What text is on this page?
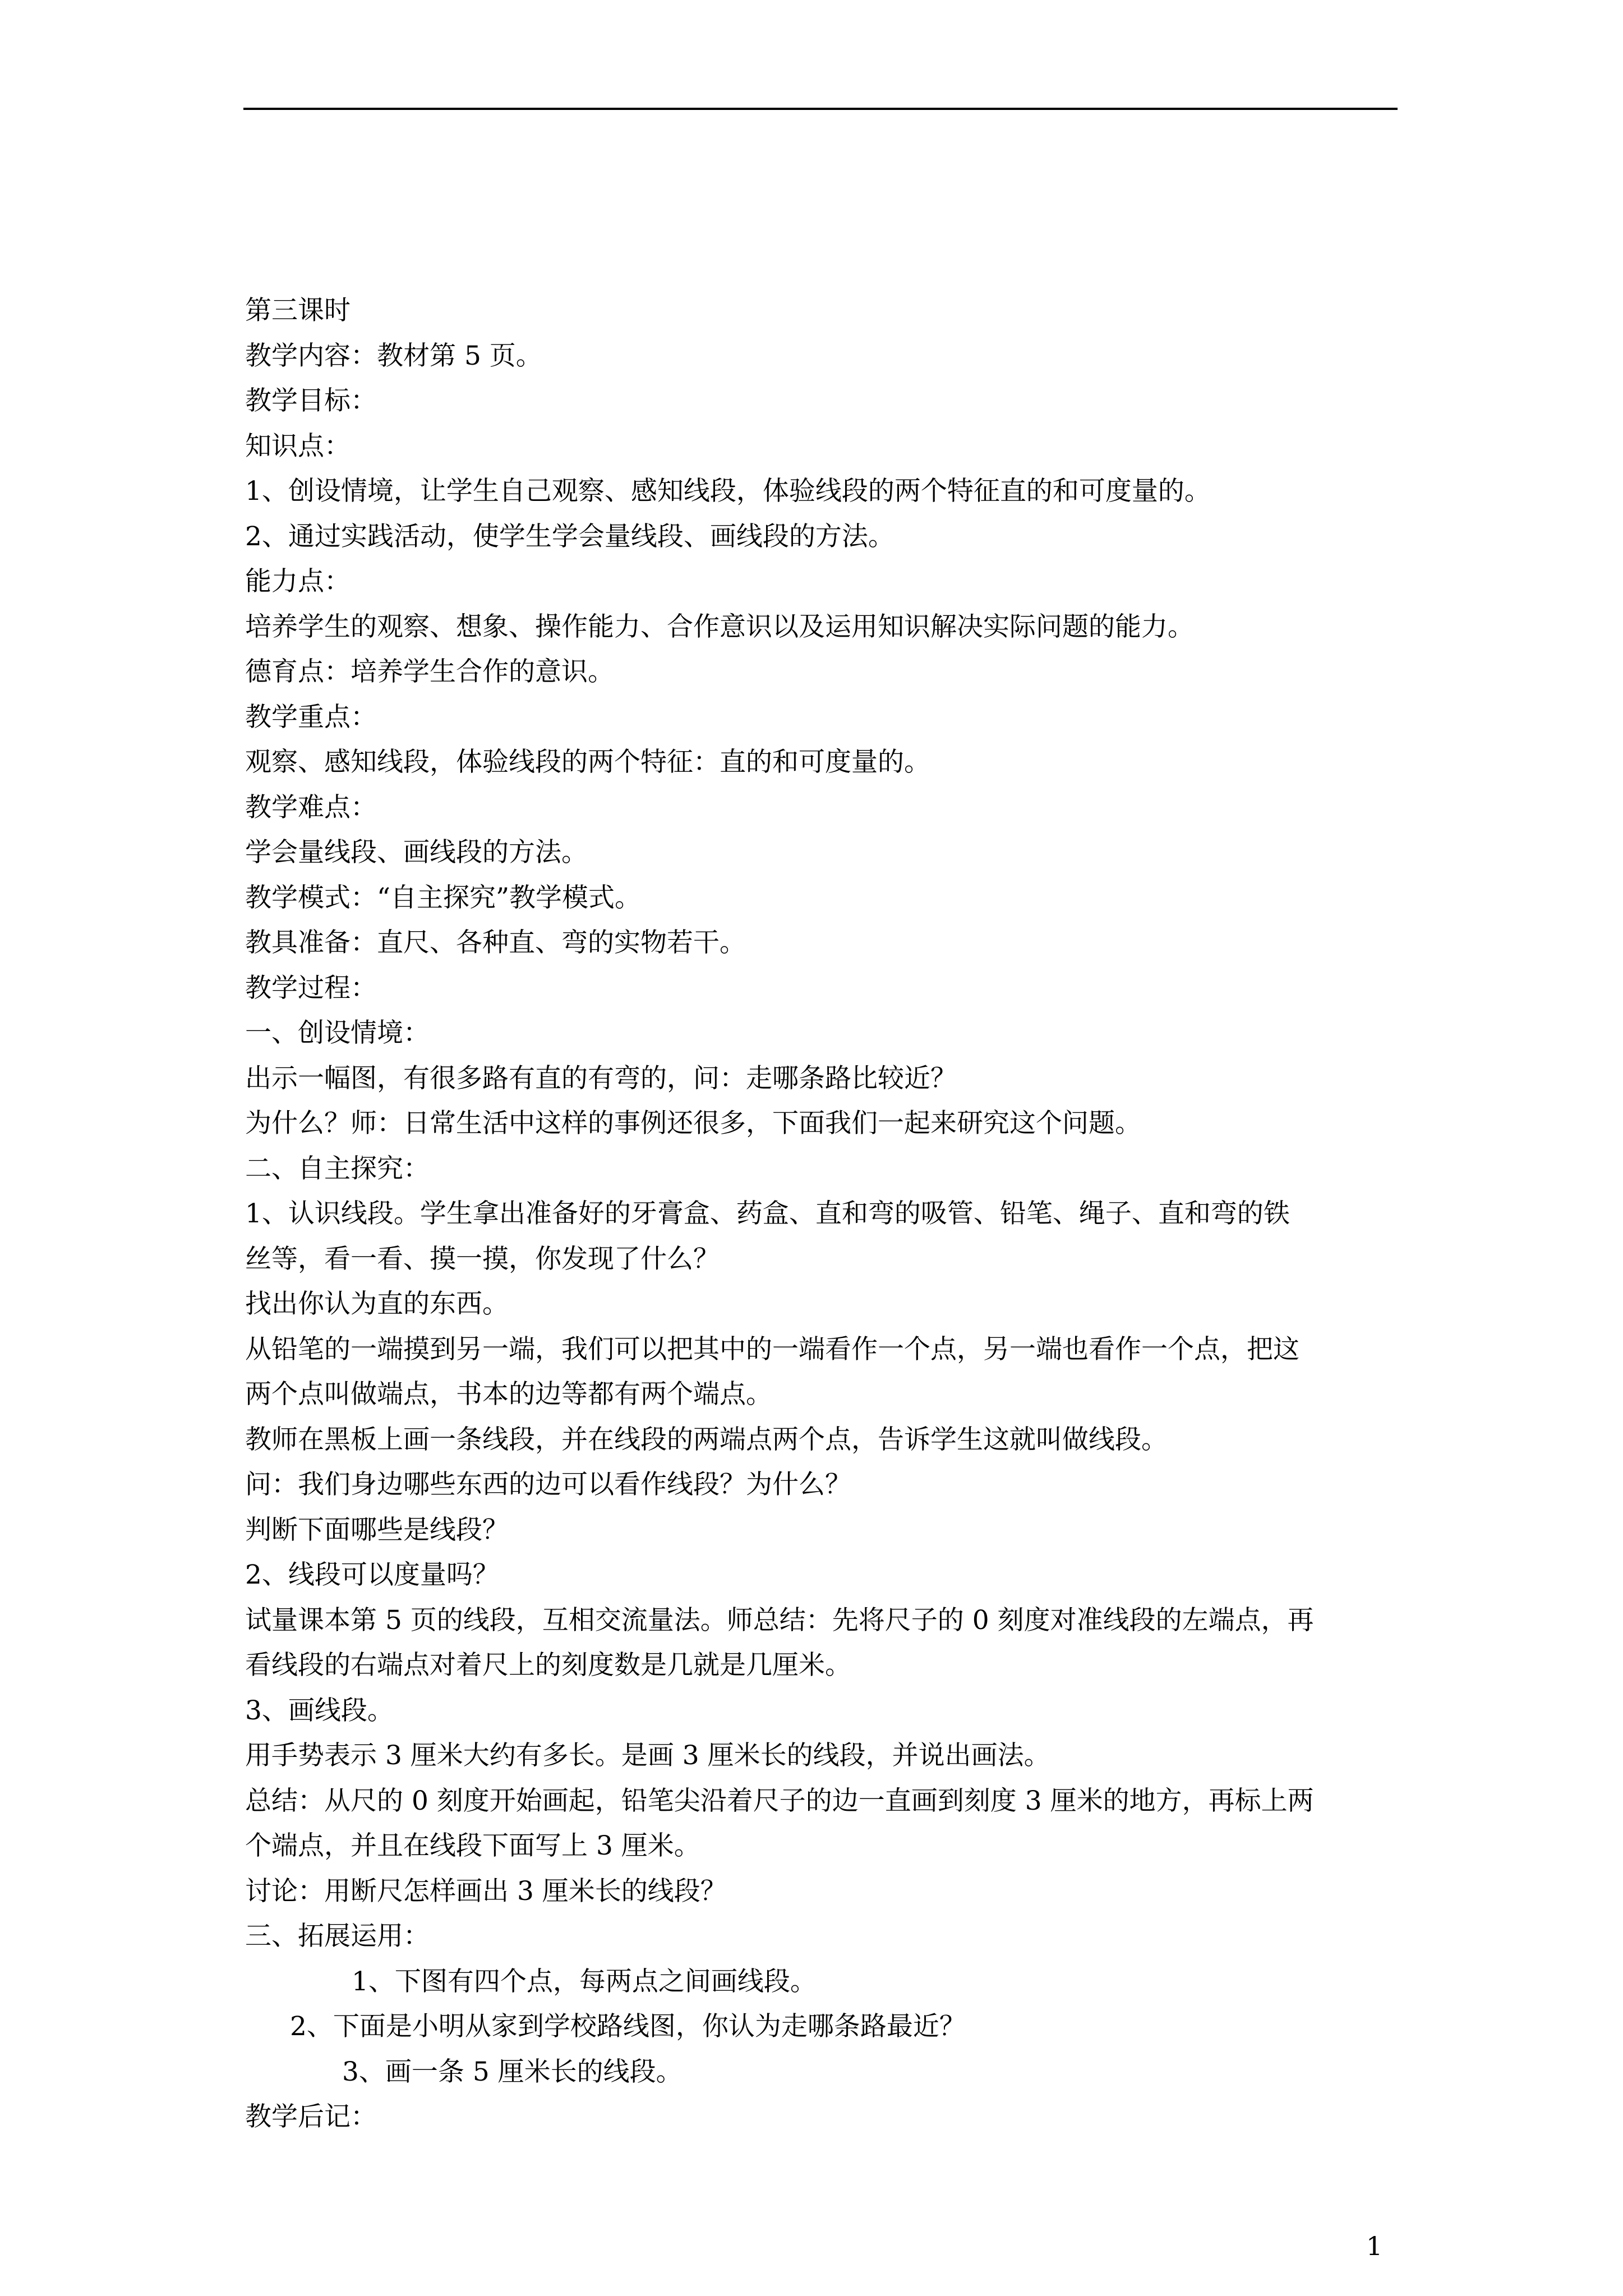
第三课时
教学内容：教材第 5 页。
教学目标：
知识点：
1、创设情境，让学生自己观察、感知线段，体验线段的两个特征直的和可度量的。
2、通过实践活动，使学生学会量线段、画线段的方法。
能力点：
培养学生的观察、想象、操作能力、合作意识以及运用知识解决实际问题的能力。
德育点：培养学生合作的意识。
教学重点：
观察、感知线段，体验线段的两个特征：直的和可度量的。
教学难点：
学会量线段、画线段的方法。
教学模式：“自主探究”教学模式。
教具准备：直尺、各种直、弯的实物若干。
教学过程：
一、创设情境：
出示一幅图，有很多路有直的有弯的，问：走哪条路比较近？
为什么？师：日常生活中这样的事例还很多，下面我们一起来研究这个问题。
二、自主探究：
1、认识线段。学生拿出准备好的牙膏盒、药盒、直和弯的吸管、铅笔、绳子、直和弯的铁
丝等，看一看、摸一摸，你发现了什么？
找出你认为直的东西。
从铅笔的一端摸到另一端，我们可以把其中的一端看作一个点，另一端也看作一个点，把这
两个点叫做端点，书本的边等都有两个端点。
教师在黑板上画一条线段，并在线段的两端点两个点，告诉学生这就叫做线段。
问：我们身边哪些东西的边可以看作线段？为什么？
判断下面哪些是线段？
2、线段可以度量吗？
试量课本第 5 页的线段，互相交流量法。师总结：先将尺子的 0 刻度对准线段的左端点，再
看线段的右端点对着尺上的刻度数是几就是几厘米。
3、画线段。
用手势表示 3 厘米大约有多长。是画 3 厘米长的线段，并说出画法。
总结：从尺的 0 刻度开始画起，铅笔尖沿着尺子的边一直画到刻度 3 厘米的地方，再标上两
个端点，并且在线段下面写上 3 厘米。
讨论：用断尺怎样画出 3 厘米长的线段？
三、拓展运用：
1、下图有四个点，每两点之间画线段。
2、下面是小明从家到学校路线图，你认为走哪条路最近？
3、画一条 5 厘米长的线段。
教学后记：
1
